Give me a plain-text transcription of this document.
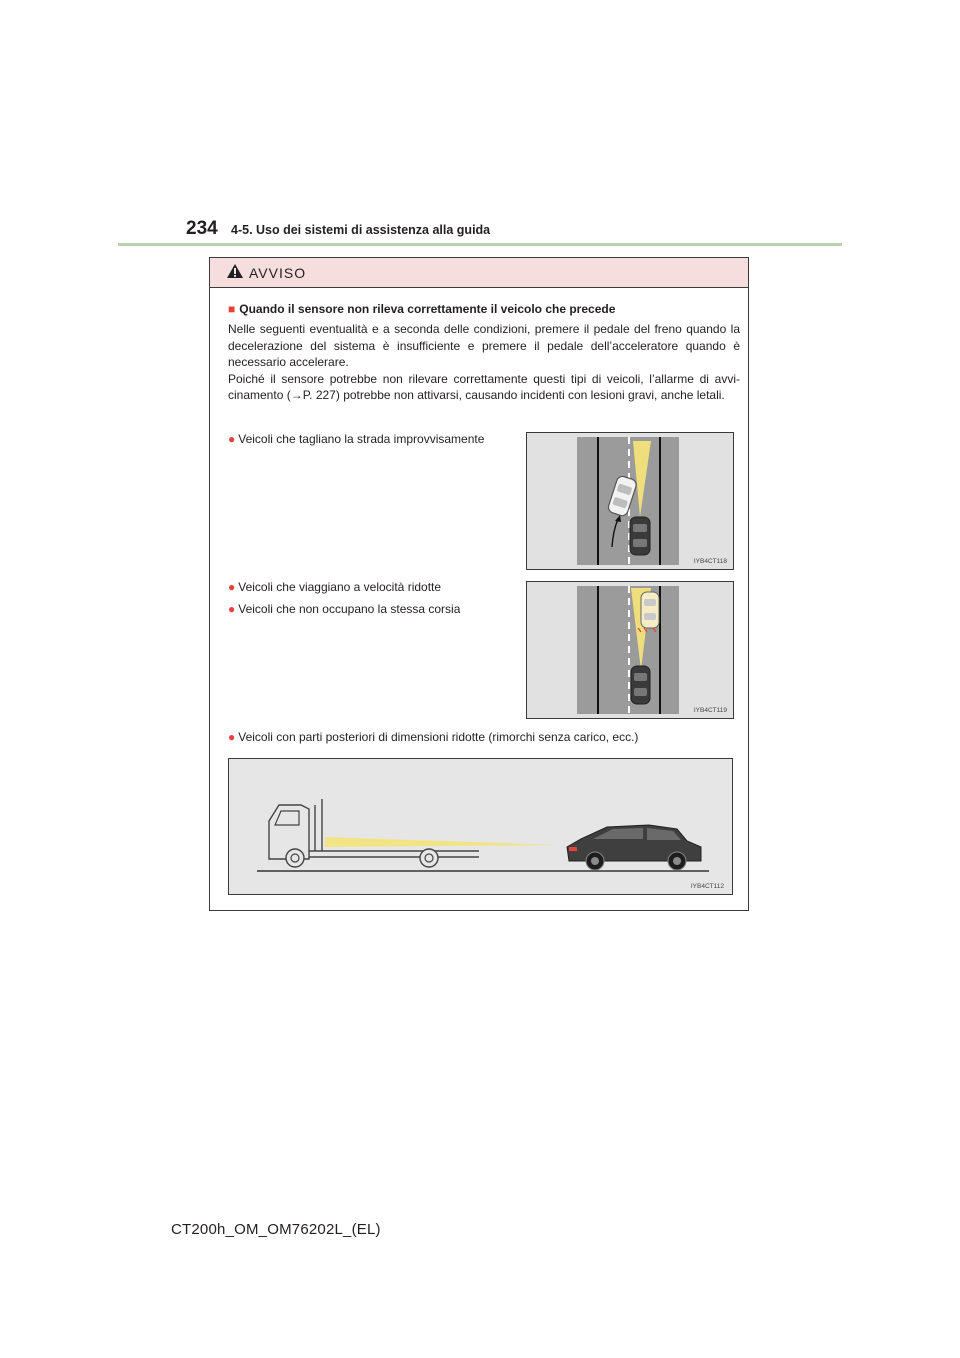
234 4-5. Uso dei sistemi di assistenza alla guida
AVVISO
■ Quando il sensore non rileva correttamente il veicolo che precede

Nelle seguenti eventualità e a seconda delle condizioni, premere il pedale del freno quando la decelerazione del sistema è insufficiente e premere il pedale dell’acceleratore quando è necessario accelerare.

Poiché il sensore potrebbe non rilevare correttamente questi tipi di veicoli, l’allarme di avvicinamento (→P. 227) potrebbe non attivarsi, causando incidenti con lesioni gravi, anche letali.

● Veicoli che tagliano la strada improvvisamente
● Veicoli che viaggiano a velocità ridotte
● Veicoli che non occupano la stessa corsia
● Veicoli con parti posteriori di dimensioni ridotte (rimorchi senza carico, ecc.)
IYB4CT118
IYB4CT119
IYB4CT112
CT200h_OM_OM76202L_(EL)
